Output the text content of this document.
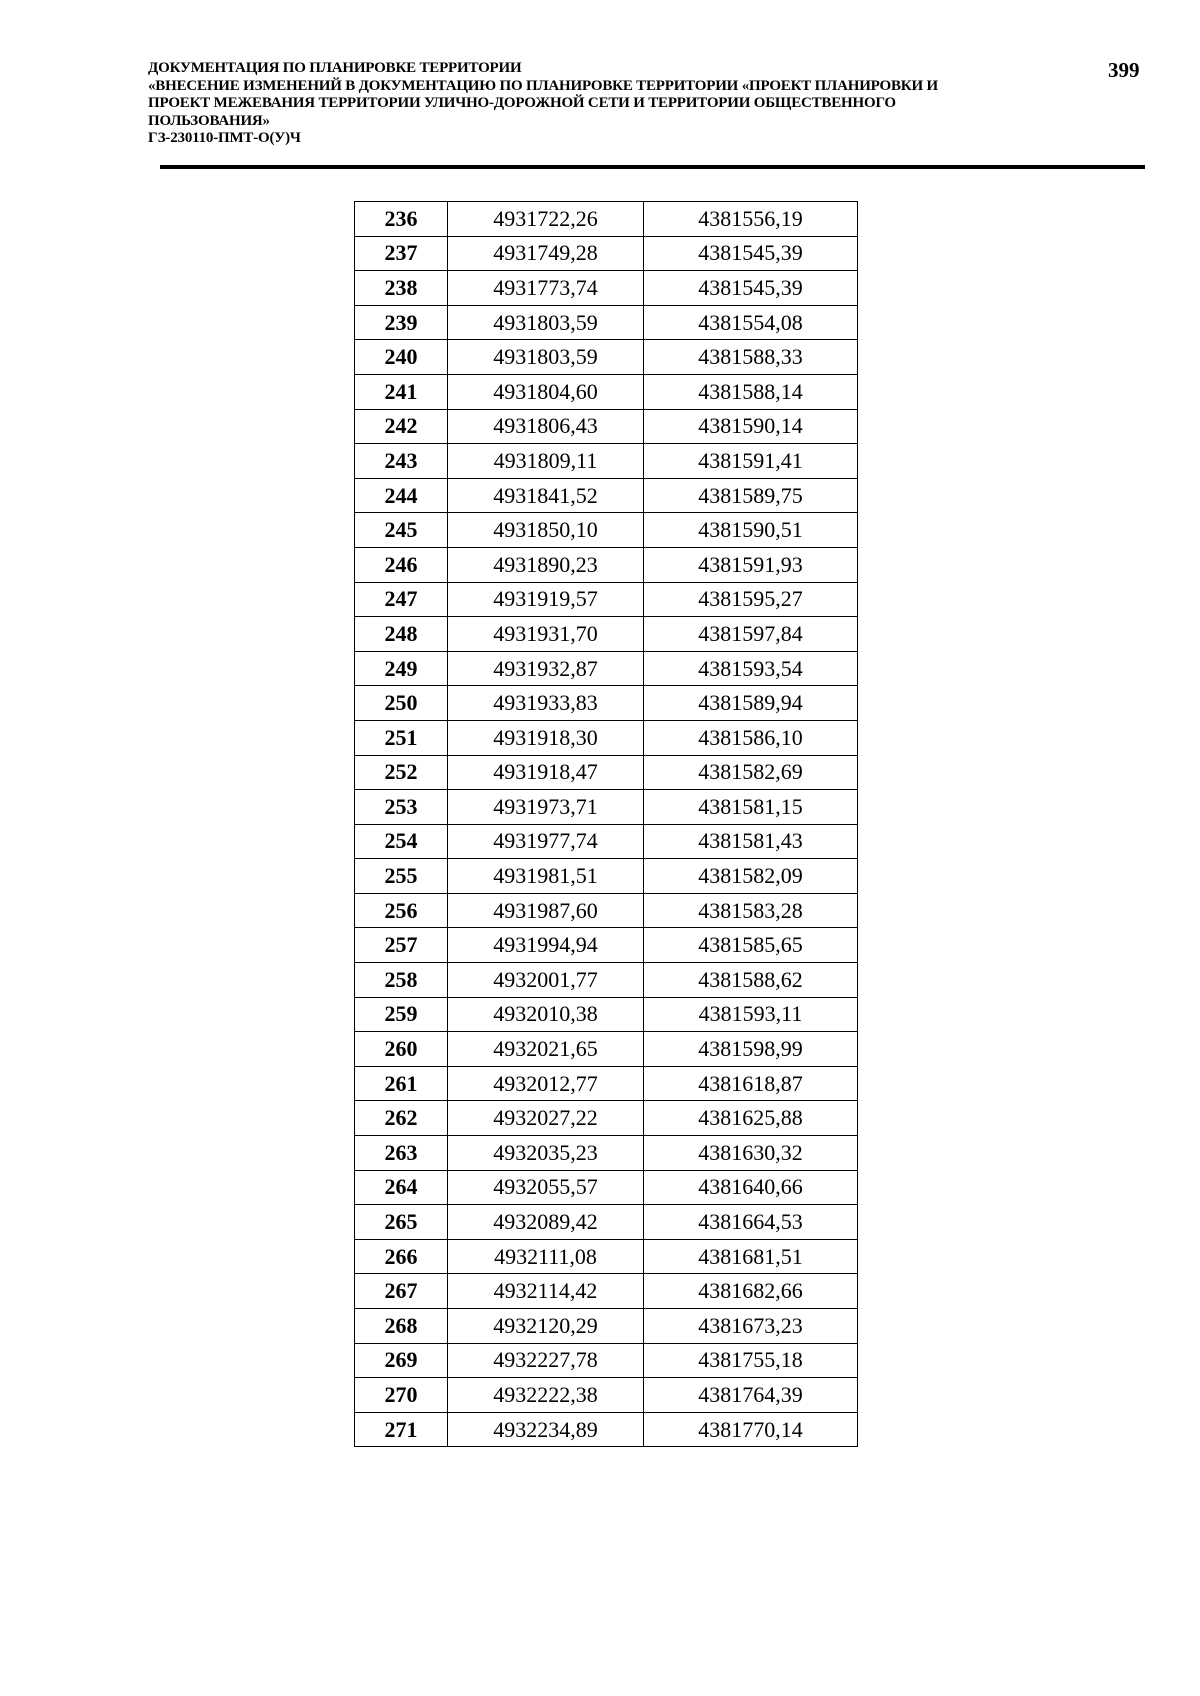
ДОКУМЕНТАЦИЯ ПО ПЛАНИРОВКЕ ТЕРРИТОРИИ
«ВНЕСЕНИЕ ИЗМЕНЕНИЙ В ДОКУМЕНТАЦИЮ ПО ПЛАНИРОВКЕ ТЕРРИТОРИИ «ПРОЕКТ ПЛАНИРОВКИ И
ПРОЕКТ МЕЖЕВАНИЯ ТЕРРИТОРИИ УЛИЧНО-ДОРОЖНОЙ СЕТИ И ТЕРРИТОРИИ ОБЩЕСТВЕННОГО
ПОЛЬЗОВАНИЯ»
ГЗ-230110-ПМТ-О(У)Ч
399
236	4931722,26	4381556,19
237	4931749,28	4381545,39
238	4931773,74	4381545,39
239	4931803,59	4381554,08
240	4931803,59	4381588,33
241	4931804,60	4381588,14
242	4931806,43	4381590,14
243	4931809,11	4381591,41
244	4931841,52	4381589,75
245	4931850,10	4381590,51
246	4931890,23	4381591,93
247	4931919,57	4381595,27
248	4931931,70	4381597,84
249	4931932,87	4381593,54
250	4931933,83	4381589,94
251	4931918,30	4381586,10
252	4931918,47	4381582,69
253	4931973,71	4381581,15
254	4931977,74	4381581,43
255	4931981,51	4381582,09
256	4931987,60	4381583,28
257	4931994,94	4381585,65
258	4932001,77	4381588,62
259	4932010,38	4381593,11
260	4932021,65	4381598,99
261	4932012,77	4381618,87
262	4932027,22	4381625,88
263	4932035,23	4381630,32
264	4932055,57	4381640,66
265	4932089,42	4381664,53
266	4932111,08	4381681,51
267	4932114,42	4381682,66
268	4932120,29	4381673,23
269	4932227,78	4381755,18
270	4932222,38	4381764,39
271	4932234,89	4381770,14
